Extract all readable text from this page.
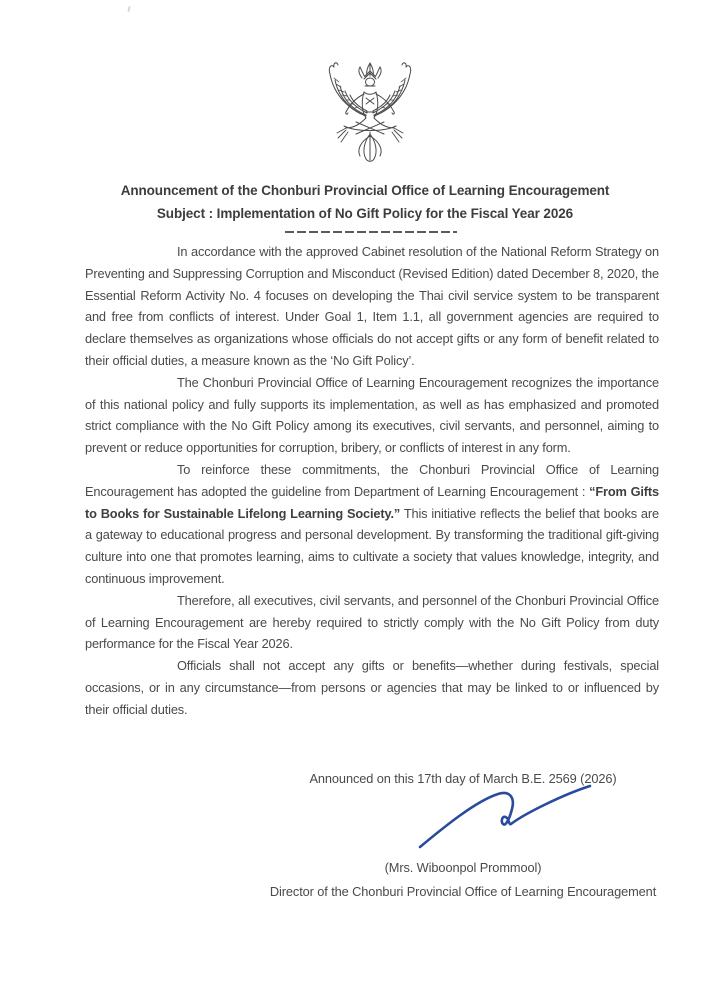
Announcement of the Chonburi Provincial Office of Learning Encouragement
Subject : Implementation of No Gift Policy for the Fiscal Year 2026

In accordance with the approved Cabinet resolution of the National Reform Strategy on Preventing and Suppressing Corruption and Misconduct (Revised Edition) dated December 8, 2020, the Essential Reform Activity No. 4 focuses on developing the Thai civil service system to be transparent and free from conflicts of interest. Under Goal 1, Item 1.1, all government agencies are required to declare themselves as organizations whose officials do not accept gifts or any form of benefit related to their official duties, a measure known as the ‘No Gift Policy’.

The Chonburi Provincial Office of Learning Encouragement recognizes the importance of this national policy and fully supports its implementation, as well as has emphasized and promoted strict compliance with the No Gift Policy among its executives, civil servants, and personnel, aiming to prevent or reduce opportunities for corruption, bribery, or conflicts of interest in any form.

To reinforce these commitments, the Chonburi Provincial Office of Learning Encouragement has adopted the guideline from Department of Learning Encouragement : “From Gifts to Books for Sustainable Lifelong Learning Society.” This initiative reflects the belief that books are a gateway to educational progress and personal development. By transforming the traditional gift-giving culture into one that promotes learning, aims to cultivate a society that values knowledge, integrity, and continuous improvement.

Therefore, all executives, civil servants, and personnel of the Chonburi Provincial Office of Learning Encouragement are hereby required to strictly comply with the No Gift Policy from duty performance for the Fiscal Year 2026.

Officials shall not accept any gifts or benefits—whether during festivals, special occasions, or in any circumstance—from persons or agencies that may be linked to or influenced by their official duties.

Announced on this 17th day of March B.E. 2569 (2026)
(Mrs. Wiboonpol Prommool)
Director of the Chonburi Provincial Office of Learning Encouragement
